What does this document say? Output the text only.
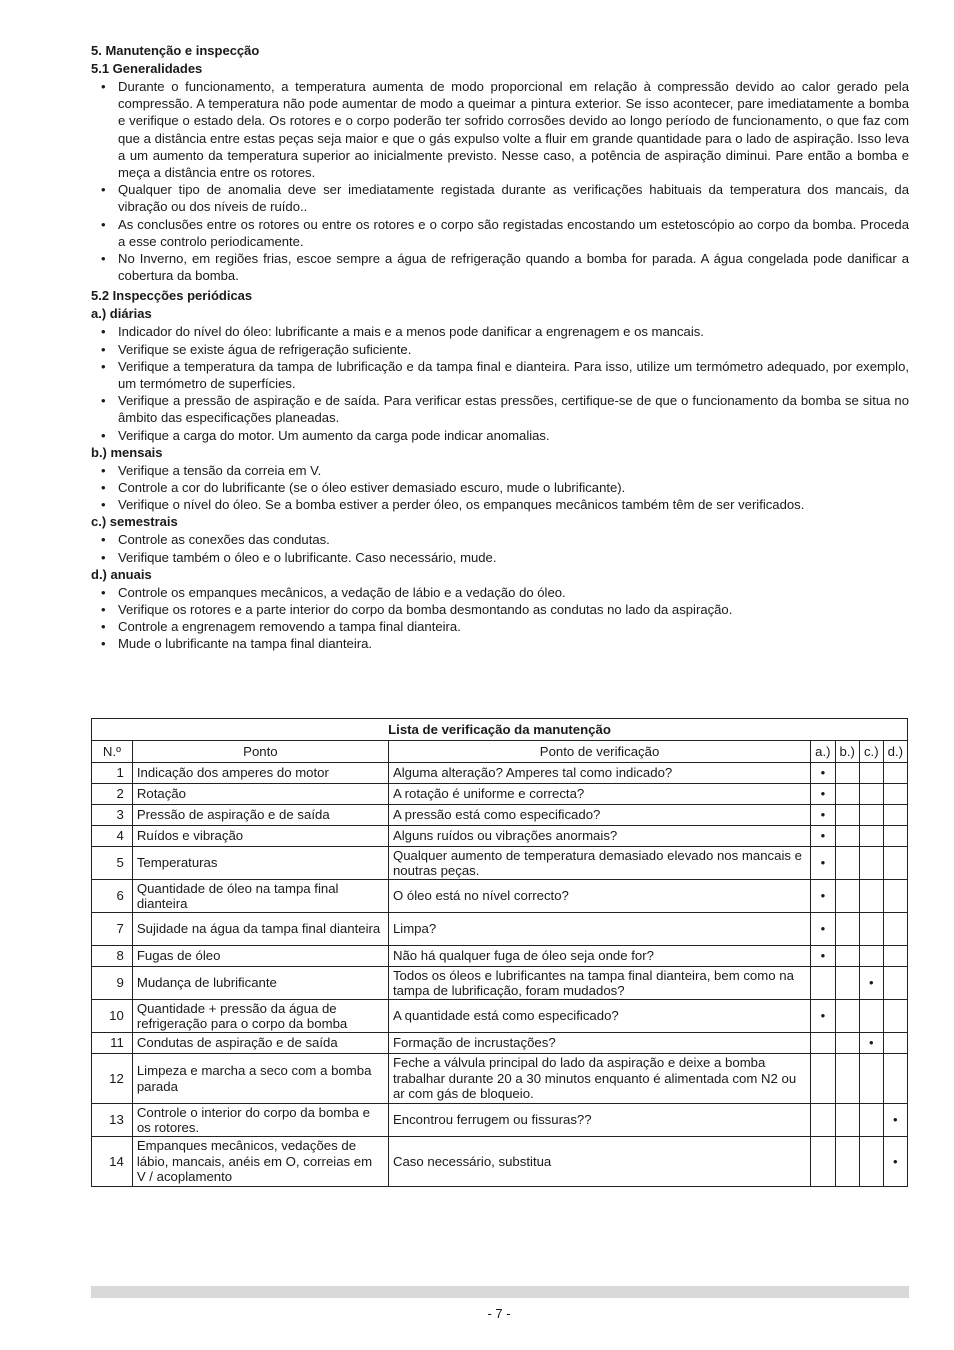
5. Manutenção e inspecção

5.1 Generalidades

• Durante o funcionamento, a temperatura aumenta de modo proporcional em relação à compressão devido ao calor gerado pela compressão. A temperatura não pode aumentar de modo a queimar a pintura exterior. Se isso acontecer, pare imediatamente a bomba e verifique o estado dela. Os rotores e o corpo poderão ter sofrido corrosões devido ao longo período de funcionamento, o que faz com que a distância entre estas peças seja maior e que o gás expulso volte a fluir em grande quantidade para o lado de aspiração. Isso leva a um aumento da temperatura superior ao inicialmente previsto. Nesse caso, a potência de aspiração diminui. Pare então a bomba e meça a distância entre os rotores.
• Qualquer tipo de anomalia deve ser imediatamente registada durante as verificações habituais da temperatura dos mancais, da vibração ou dos níveis de ruído..
• As conclusões entre os rotores ou entre os rotores e o corpo são registadas encostando um estetoscópio ao corpo da bomba. Proceda a esse controlo periodicamente.
• No Inverno, em regiões frias, escoe sempre a água de refrigeração quando a bomba for parada. A água congelada pode danificar a cobertura da bomba.

5.2 Inspecções periódicas

a.) diárias

• Indicador do nível do óleo: lubrificante a mais e a menos pode danificar a engrenagem e os mancais.
• Verifique se existe água de refrigeração suficiente.
• Verifique a temperatura da tampa de lubrificação e da tampa final e dianteira. Para isso, utilize um termómetro adequado, por exemplo, um termómetro de superfícies.
• Verifique a pressão de aspiração e de saída. Para verificar estas pressões, certifique-se de que o funcionamento da bomba se situa no âmbito das especificações planeadas.
• Verifique a carga do motor. Um aumento da carga pode indicar anomalias.

b.) mensais

• Verifique a tensão da correia em V.
• Controle a cor do lubrificante (se o óleo estiver demasiado escuro, mude o lubrificante).
• Verifique o nível do óleo. Se a bomba estiver a perder óleo, os empanques mecânicos também têm de ser verificados.

c.) semestrais

• Controle as conexões das condutas.
• Verifique também o óleo e o lubrificante. Caso necessário, mude.

d.) anuais

• Controle os empanques mecânicos, a vedação de lábio e a vedação do óleo.
• Verifique os rotores e a parte interior do corpo da bomba desmontando as condutas no lado da aspiração.
• Controle a engrenagem removendo a tampa final dianteira.
• Mude o lubrificante na tampa final dianteira.
Lista de verificação da manutenção						
N.º	Ponto	Ponto de verificação	a.)	b.)	c.)	d.)
1	Indicação dos amperes do motor	Alguma alteração? Amperes tal como indicado?	•			
2	Rotação	A rotação é uniforme e correcta?	•			
3	Pressão de aspiração e de saída	A pressão está como especificado?	•			
4	Ruídos e vibração	Alguns ruídos ou vibrações anormais?	•			
5	Temperaturas	Qualquer aumento de temperatura demasiado elevado nos mancais e noutras peças.	•			
6	Quantidade de óleo na tampa final dianteira	O óleo está no nível correcto?	•			
7	Sujidade na água da tampa final dianteira	Limpa?	•			
8	Fugas de óleo	Não há qualquer fuga de óleo seja onde for?	•			
9	Mudança de lubrificante	Todos os óleos e lubrificantes na tampa final dianteira, bem como na tampa de lubrificação, foram mudados?			•	
10	Quantidade + pressão da água de refrigeração para o corpo da bomba	A quantidade está como especificado?	•			
11	Condutas de aspiração e de saída	Formação de incrustações?			•	
12	Limpeza e marcha a seco com a bomba parada	Feche a válvula principal do lado da aspiração e deixe a bomba trabalhar durante 20 a 30 minutos enquanto é alimentada com N2 ou ar com gás de bloqueio.				
13	Controle o interior do corpo da bomba e os rotores.	Encontrou ferrugem ou fissuras??				•
14	Empanques mecânicos, vedações de lábio, mancais, anéis em O, correias em V / acoplamento	Caso necessário, substitua				•
- 7 -
